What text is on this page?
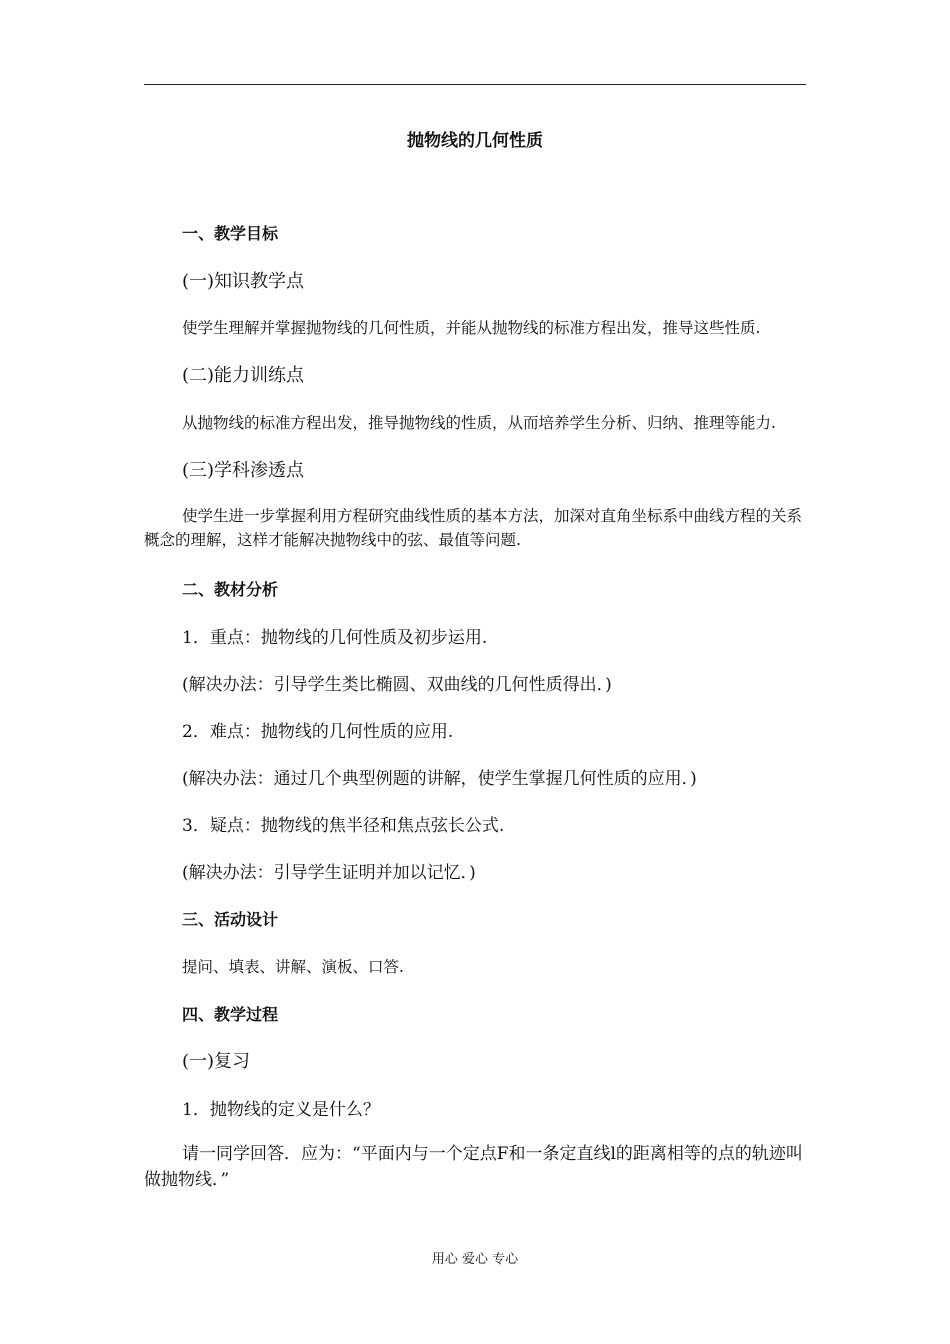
抛物线的几何性质
一、教学目标
(一)知识教学点
使学生理解并掌握抛物线的几何性质，并能从抛物线的标准方程出发，推导这些性质.
(二)能力训练点
从抛物线的标准方程出发，推导抛物线的性质，从而培养学生分析、归纳、推理等能力.
(三)学科渗透点
使学生进一步掌握利用方程研究曲线性质的基本方法，加深对直角坐标系中曲线方程的关系概念的理解，这样才能解决抛物线中的弦、最值等问题.
二、教材分析
1．重点：抛物线的几何性质及初步运用.
(解决办法：引导学生类比椭圆、双曲线的几何性质得出．)
2．难点：抛物线的几何性质的应用.
(解决办法：通过几个典型例题的讲解，使学生掌握几何性质的应用．)
3．疑点：抛物线的焦半径和焦点弦长公式.
(解决办法：引导学生证明并加以记忆．)
三、活动设计
提问、填表、讲解、演板、口答.
四、教学过程
(一)复习
1．抛物线的定义是什么？
请一同学回答．应为：“平面内与一个定点F和一条定直线l的距离相等的点的轨迹叫做抛物线．”
用心 爱心 专心
